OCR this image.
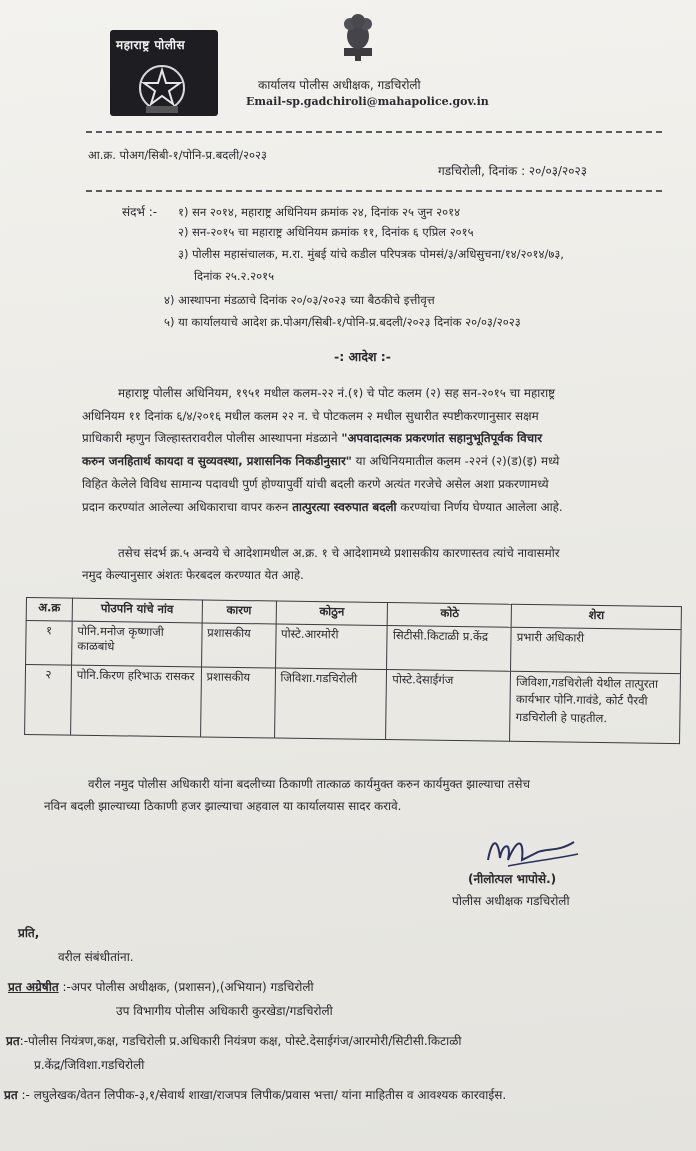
महाराष्ट्र पोलीस
कार्यालय पोलीस अधीक्षक, गडचिरोली
Email-sp.gadchiroli@mahapolice.gov.in
आ.क्र. पोअग/सिबी-१/पोनि-प्र.बदली/२०२३
गडचिरोली, दिनांक : २०/०३/२०२३
संदर्भ :- १) सन २०१४, महाराष्ट्र अधिनियम क्रमांक २४, दिनांक २५ जुन २०१४
२) सन-२०१५ चा महाराष्ट्र अधिनियम क्रमांक ११, दिनांक ६ एप्रिल २०१५
३) पोलीस महासंचालक, म.रा. मुंबई यांचे कडील परिपत्रक पोमसं/३/अधिसुचना/१४/२०१४/७३,
दिनांक २५.२.२०१५
४) आस्थापना मंडळाचे दिनांक २०/०३/२०२३ च्या बैठकीचे इत्तीवृत्त
५) या कार्यालयाचे आदेश क्र.पोअग/सिबी-१/पोनि-प्र.बदली/२०२३ दिनांक २०/०३/२०२३
-: आदेश :-
महाराष्ट्र पोलीस अधिनियम, १९५१ मधील कलम-२२ नं.(१) चे पोट कलम (२) सह सन-२०१५ चा महाराष्ट्र
अधिनियम ११ दिनांक ६/४/२०१६ मधील कलम २२ न. चे पोटकलम २ मधील सुधारीत स्पष्टीकरणानुसार सक्षम
प्राधिकारी म्हणुन जिल्हास्तरावरील पोलीस आस्थापना मंडळाने "अपवादात्मक प्रकरणांत सहानुभूतिपूर्वक विचार
करुन जनहितार्थ कायदा व सुव्यवस्था, प्रशासनिक निकडीनुसार" या अधिनियमातील कलम -२२नं (२)(ड)(इ) मध्ये
विहित केलेले विविध सामान्य पदावधी पुर्ण होण्यापुर्वी यांची बदली करणे अत्यंत गरजेचे असेल अशा प्रकरणामध्ये
प्रदान करण्यांत आलेल्या अधिकाराचा वापर करुन तात्पुरत्या स्वरुपात बदली करण्यांचा निर्णय घेण्यात आलेला आहे.
तसेच संदर्भ क्र.५ अन्वये चे आदेशामधील अ.क्र. १ चे आदेशामध्ये प्रशासकीय कारणास्तव त्यांचे नावासमोर
नमुद केल्यानुसार अंशतः फेरबदल करण्यात येत आहे.
अ.क्र	पोउपनि यांचे नांव	कारण	कोठुन	कोठे	शेरा
१	पोनि.मनोज कृष्णाजी काळबांधे	प्रशासकीय	पोस्टे.आरमोरी	सिटीसी.किटाळी प्र.केंद्र	प्रभारी अधिकारी
२	पोनि.किरण हरिभाऊ रासकर	प्रशासकीय	जिविशा.गडचिरोली	पोस्टे.देसाईगंज	जिविशा,गडचिरोली येथील तात्पुरता कार्यभार पोनि.गावंडे, कोर्ट पैरवी गडचिरोली हे पाहतील.
वरील नमुद पोलीस अधिकारी यांना बदलीच्या ठिकाणी तात्काळ कार्यमुक्त करुन कार्यमुक्त झाल्याचा तसेच
नविन बदली झाल्याच्या ठिकाणी हजर झाल्याचा अहवाल या कार्यालयास सादर करावे.
(नीलोत्पल भापोसे.)
पोलीस अधीक्षक गडचिरोली
प्रति,
वरील संबंधीतांना.
प्रत अग्रेषीत :-अपर पोलीस अधीक्षक, (प्रशासन),(अभियान) गडचिरोली
उप विभागीय पोलीस अधिकारी कुरखेडा/गडचिरोली
प्रत:-पोलीस नियंत्रण,कक्ष, गडचिरोली प्र.अधिकारी नियंत्रण कक्ष, पोस्टे.देसाईगंज/आरमोरी/सिटीसी.किटाळी
प्र.केंद्र/जिविशा.गडचिरोली
प्रत :- लघुलेखक/वेतन लिपीक-३,१/सेवार्थ शाखा/राजपत्र लिपीक/प्रवास भत्ता/ यांना माहितीस व आवश्यक कारवाईस.
